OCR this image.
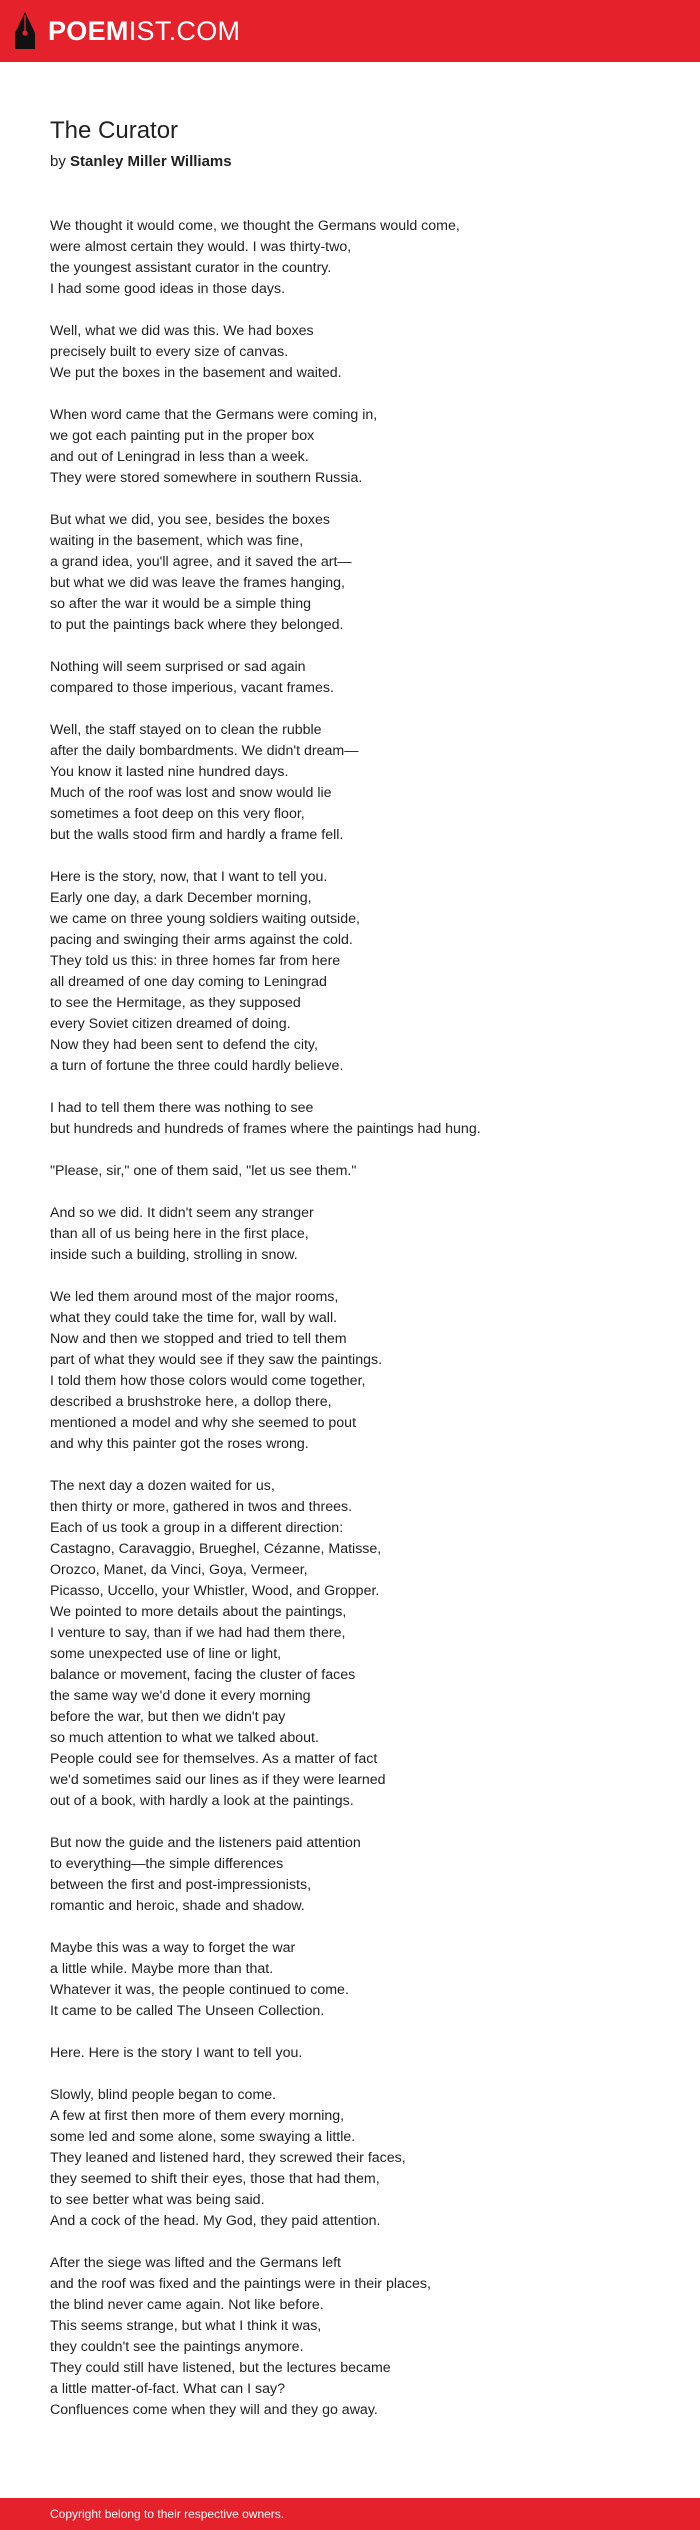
POEMIST.COM
The Curator
by Stanley Miller Williams
We thought it would come, we thought the Germans would come,
were almost certain they would. I was thirty-two,
the youngest assistant curator in the country.
I had some good ideas in those days.
Well, what we did was this. We had boxes
precisely built to every size of canvas.
We put the boxes in the basement and waited.
When word came that the Germans were coming in,
we got each painting put in the proper box
and out of Leningrad in less than a week.
They were stored somewhere in southern Russia.
But what we did, you see, besides the boxes
waiting in the basement, which was fine,
a grand idea, you'll agree, and it saved the art—
but what we did was leave the frames hanging,
so after the war it would be a simple thing
to put the paintings back where they belonged.
Nothing will seem surprised or sad again
compared to those imperious, vacant frames.
Well, the staff stayed on to clean the rubble
after the daily bombardments. We didn't dream—
You know it lasted nine hundred days.
Much of the roof was lost and snow would lie
sometimes a foot deep on this very floor,
but the walls stood firm and hardly a frame fell.
Here is the story, now, that I want to tell you.
Early one day, a dark December morning,
we came on three young soldiers waiting outside,
pacing and swinging their arms against the cold.
They told us this: in three homes far from here
all dreamed of one day coming to Leningrad
to see the Hermitage, as they supposed
every Soviet citizen dreamed of doing.
Now they had been sent to defend the city,
a turn of fortune the three could hardly believe.
I had to tell them there was nothing to see
but hundreds and hundreds of frames where the paintings had hung.
"Please, sir," one of them said, "let us see them."
And so we did. It didn't seem any stranger
than all of us being here in the first place,
inside such a building, strolling in snow.
We led them around most of the major rooms,
what they could take the time for, wall by wall.
Now and then we stopped and tried to tell them
part of what they would see if they saw the paintings.
I told them how those colors would come together,
described a brushstroke here, a dollop there,
mentioned a model and why she seemed to pout
and why this painter got the roses wrong.
The next day a dozen waited for us,
then thirty or more, gathered in twos and threes.
Each of us took a group in a different direction:
Castagno, Caravaggio, Brueghel, Cézanne, Matisse,
Orozco, Manet, da Vinci, Goya, Vermeer,
Picasso, Uccello, your Whistler, Wood, and Gropper.
We pointed to more details about the paintings,
I venture to say, than if we had had them there,
some unexpected use of line or light,
balance or movement, facing the cluster of faces
the same way we'd done it every morning
before the war, but then we didn't pay
so much attention to what we talked about.
People could see for themselves. As a matter of fact
we'd sometimes said our lines as if they were learned
out of a book, with hardly a look at the paintings.
But now the guide and the listeners paid attention
to everything—the simple differences
between the first and post-impressionists,
romantic and heroic, shade and shadow.
Maybe this was a way to forget the war
a little while. Maybe more than that.
Whatever it was, the people continued to come.
It came to be called The Unseen Collection.
Here. Here is the story I want to tell you.
Slowly, blind people began to come.
A few at first then more of them every morning,
some led and some alone, some swaying a little.
They leaned and listened hard, they screwed their faces,
they seemed to shift their eyes, those that had them,
to see better what was being said.
And a cock of the head. My God, they paid attention.
After the siege was lifted and the Germans left
and the roof was fixed and the paintings were in their places,
the blind never came again. Not like before.
This seems strange, but what I think it was,
they couldn't see the paintings anymore.
They could still have listened, but the lectures became
a little matter-of-fact. What can I say?
Confluences come when they will and they go away.
Copyright belong to their respective owners.
